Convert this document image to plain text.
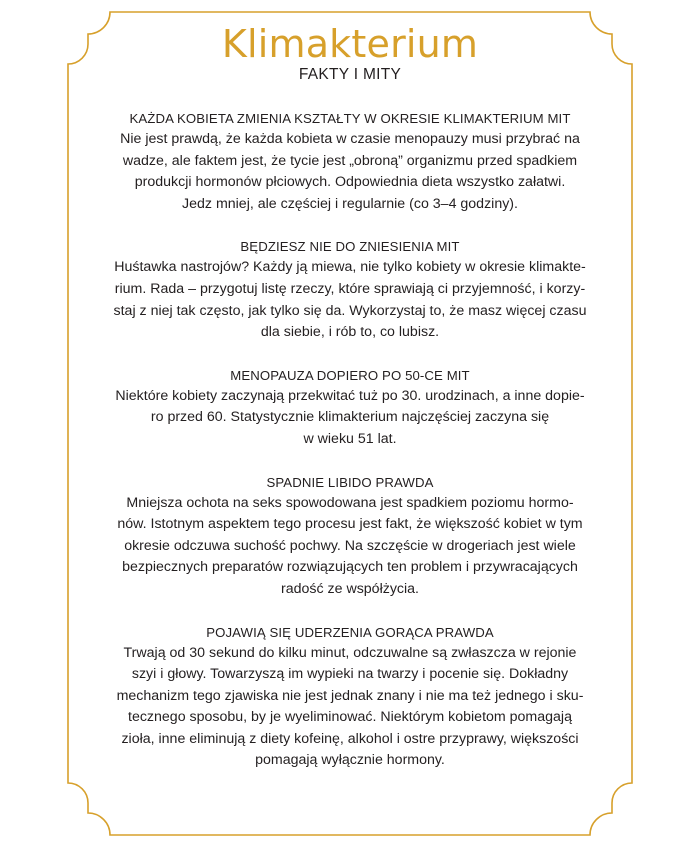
Klimakterium
FAKTY I MITY
KAŻDA KOBIETA ZMIENIA KSZTAŁTY W OKRESIE KLIMAKTERIUM MIT

Nie jest prawdą, że każda kobieta w czasie menopauzy musi przybrać na

wadze, ale faktem jest, że tycie jest „obroną” organizmu przed spadkiem

produkcji hormonów płciowych. Odpowiednia dieta wszystko załatwi.

Jedz mniej, ale częściej i regularnie (co 3–4 godziny).

BĘDZIESZ NIE DO ZNIESIENIA MIT

Huśtawka nastrojów? Każdy ją miewa, nie tylko kobiety w okresie klimakte-

rium. Rada – przygotuj listę rzeczy, które sprawiają ci przyjemność, i korzy-

staj z niej tak często, jak tylko się da. Wykorzystaj to, że masz więcej czasu

dla siebie, i rób to, co lubisz.

MENOPAUZA DOPIERO PO 50-CE MIT

Niektóre kobiety zaczynają przekwitać tuż po 30. urodzinach, a inne dopie-

ro przed 60. Statystycznie klimakterium najczęściej zaczyna się

w wieku 51 lat.

SPADNIE LIBIDO PRAWDA

Mniejsza ochota na seks spowodowana jest spadkiem poziomu hormo-

nów. Istotnym aspektem tego procesu jest fakt, że większość kobiet w tym

okresie odczuwa suchość pochwy. Na szczęście w drogeriach jest wiele

bezpiecznych preparatów rozwiązujących ten problem i przywracających

radość ze współżycia.

POJAWIĄ SIĘ UDERZENIA GORĄCA PRAWDA

Trwają od 30 sekund do kilku minut, odczuwalne są zwłaszcza w rejonie

szyi i głowy. Towarzyszą im wypieki na twarzy i pocenie się. Dokładny

mechanizm tego zjawiska nie jest jednak znany i nie ma też jednego i sku-

tecznego sposobu, by je wyeliminować. Niektórym kobietom pomagają

zioła, inne eliminują z diety kofeinę, alkohol i ostre przyprawy, większości

pomagają wyłącznie hormony.
